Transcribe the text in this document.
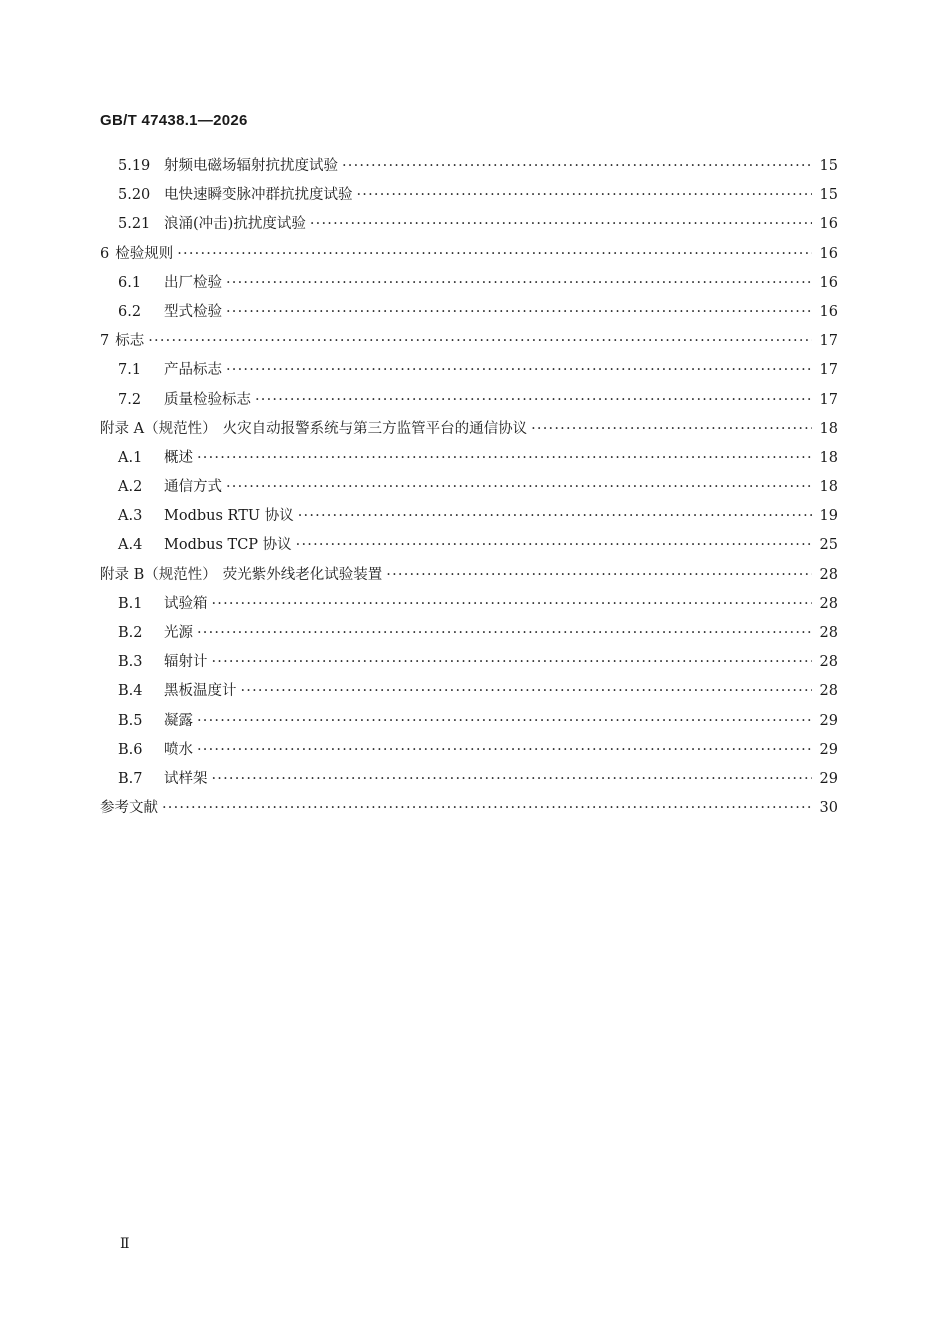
GB/T 47438.1—2026
5.19 射频电磁场辐射抗扰度试验 ·····	15
5.20 电快速瞬变脉冲群抗扰度试验 ·····	15
5.21 浪涌(冲击)抗扰度试验 ·····	16
6 检验规则 ·····	16
6.1	出厂检验 ·····	16
6.2	型式检验 ·····	16
7 标志 ·····	17
7.1	产品标志 ·····	17
7.2	质量检验标志 ·····	17
附录 A（规范性） 火灾自动报警系统与第三方监管平台的通信协议 ·····	18
A.1	概述 ·····	18
A.2	通信方式 ·····	18
A.3	Modbus RTU 协议 ·····	19
A.4	Modbus TCP 协议 ·····	25
附录 B（规范性） 荧光紫外线老化试验装置 ·····	28
B.1	试验箱 ·····	28
B.2	光源 ·····	28
B.3	辐射计 ·····	28
B.4	黑板温度计 ·····	28
B.5	凝露 ·····	29
B.6	喷水 ·····	29
B.7	试样架 ·····	29
参考文献 ·····	30
Ⅱ
